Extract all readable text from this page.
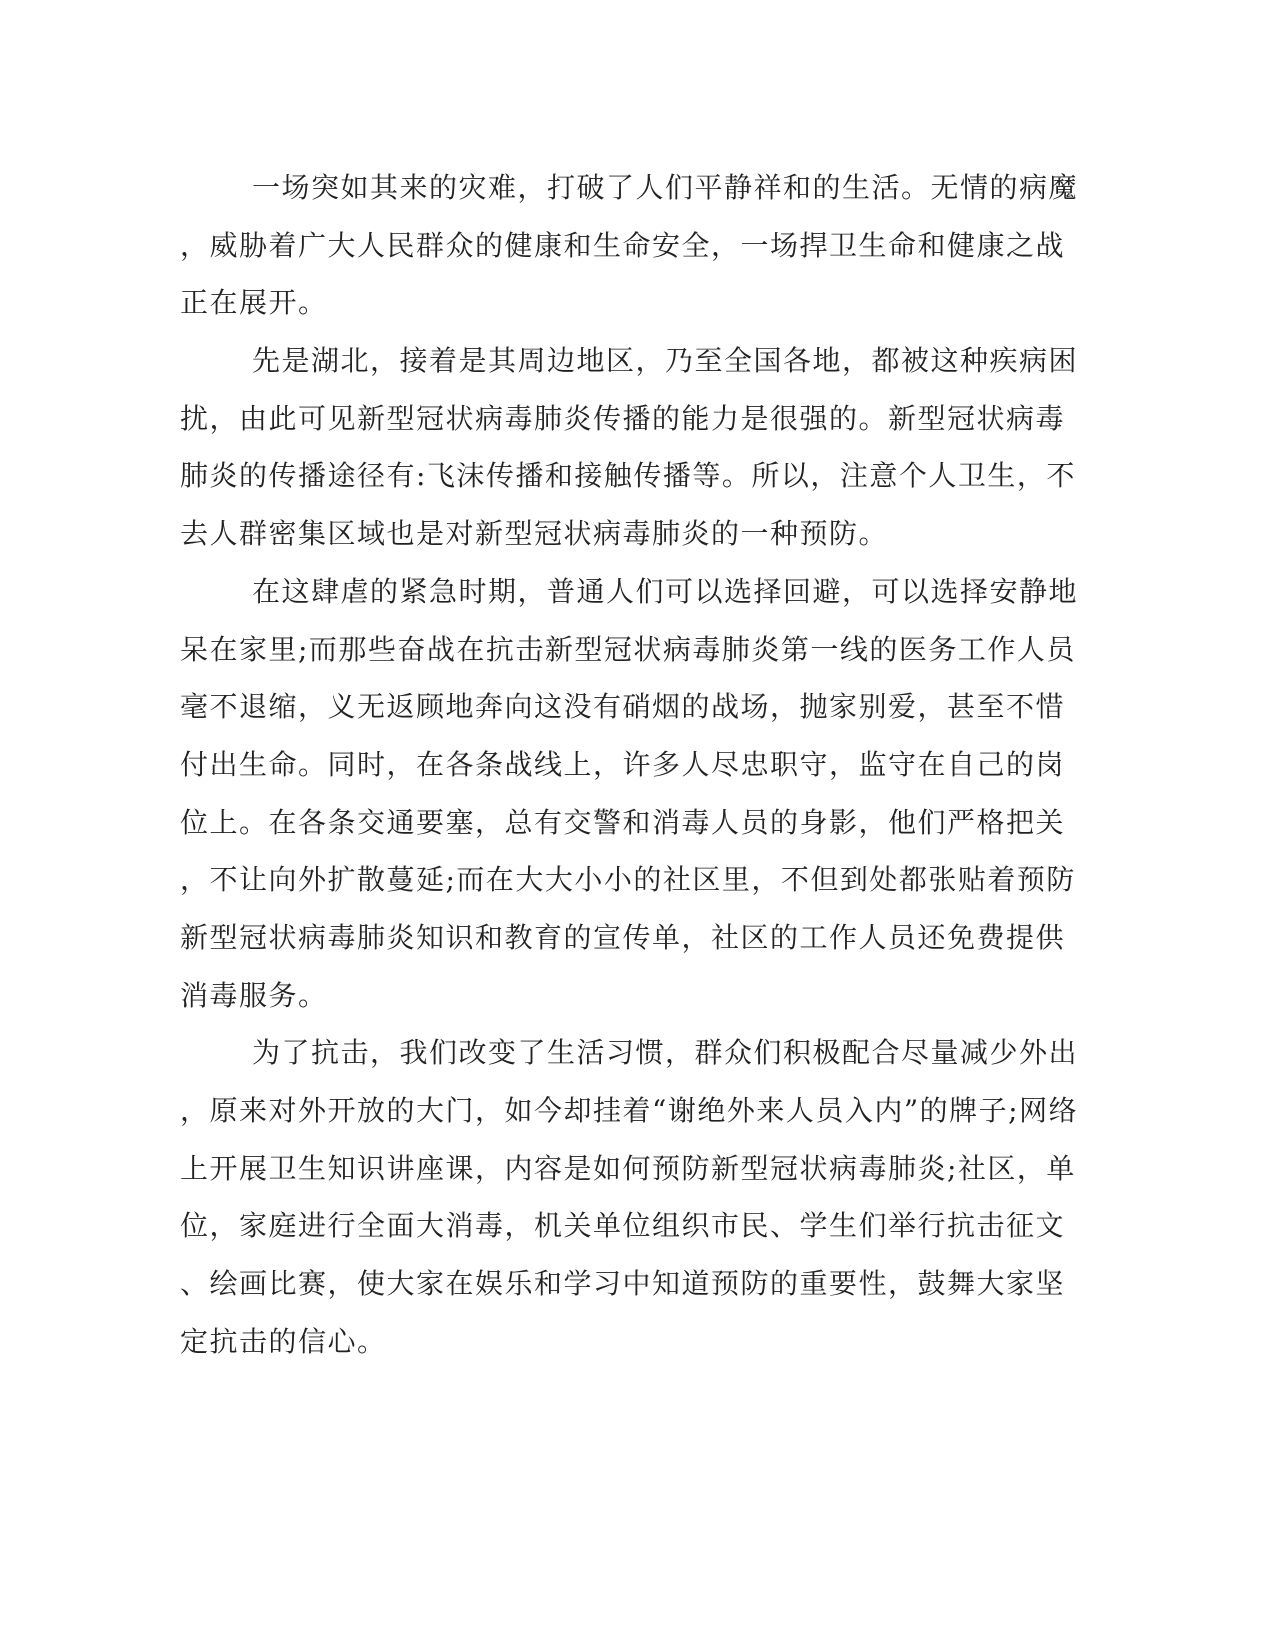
一场突如其来的灾难，打破了人们平静祥和的生活。无情的病魔
，威胁着广大人民群众的健康和生命安全，一场捍卫生命和健康之战
正在展开。
先是湖北，接着是其周边地区，乃至全国各地，都被这种疾病困
扰，由此可见新型冠状病毒肺炎传播的能力是很强的。新型冠状病毒
肺炎的传播途径有:飞沫传播和接触传播等。所以，注意个人卫生，不
去人群密集区域也是对新型冠状病毒肺炎的一种预防。
在这肆虐的紧急时期，普通人们可以选择回避，可以选择安静地
呆在家里;而那些奋战在抗击新型冠状病毒肺炎第一线的医务工作人员
毫不退缩，义无返顾地奔向这没有硝烟的战场，抛家别爱，甚至不惜
付出生命。同时，在各条战线上，许多人尽忠职守，监守在自己的岗
位上。在各条交通要塞，总有交警和消毒人员的身影，他们严格把关
，不让向外扩散蔓延;而在大大小小的社区里，不但到处都张贴着预防
新型冠状病毒肺炎知识和教育的宣传单，社区的工作人员还免费提供
消毒服务。
为了抗击，我们改变了生活习惯，群众们积极配合尽量减少外出
，原来对外开放的大门，如今却挂着“谢绝外来人员入内”的牌子;网络
上开展卫生知识讲座课，内容是如何预防新型冠状病毒肺炎;社区，单
位，家庭进行全面大消毒，机关单位组织市民、学生们举行抗击征文
、绘画比赛，使大家在娱乐和学习中知道预防的重要性，鼓舞大家坚
定抗击的信心。
